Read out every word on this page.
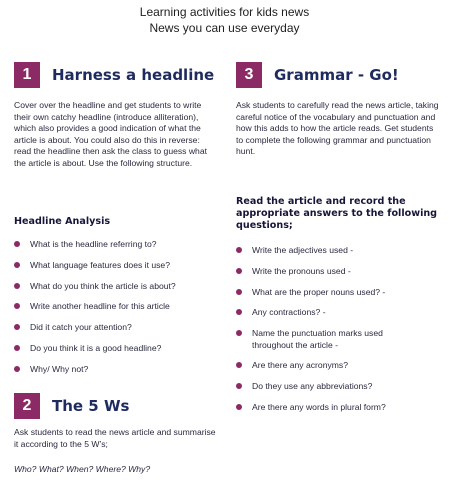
Learning activities for kids news
News you can use everyday
1	Harness a headline
Cover over the headline and get students to write their own catchy headline (introduce alliteration), which also provides a good indication of what the article is about. You could also do this in reverse: read the headline then ask the class to guess what the article is about. Use the following structure.
Headline Analysis
What is the headline referring to?
What language features does it use?
What do you think the article is about?
Write another headline for this article
Did it catch your attention?
Do you think it is a good headline?
Why/ Why not?
2	The 5 Ws
Ask students to read the news article and summarise it according to the 5 W’s;
Who? What? When? Where? Why?
3	Grammar - Go!
Ask students to carefully read the news article, taking careful notice of the vocabulary and punctuation and how this adds to how the article reads. Get students to complete the following grammar and punctuation hunt.
Read the article and record the appropriate answers to the following questions;
Write the adjectives used -
Write the pronouns used -
What are the proper nouns used? -
Any contractions? -
Name the punctuation marks used throughout the article -
Are there any acronyms?
Do they use any abbreviations?
Are there any words in plural form?
